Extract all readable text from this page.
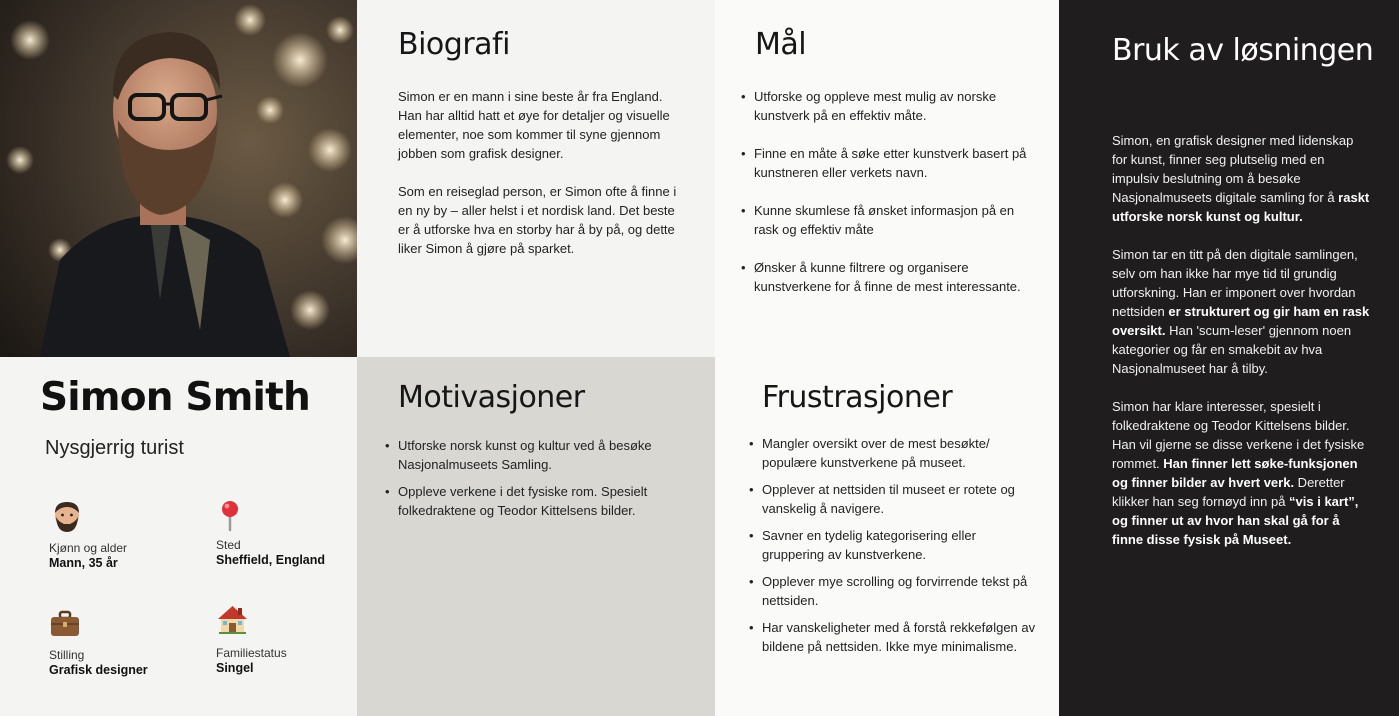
Biografi

Simon er en mann i sine beste år fra England. Han har alltid hatt et øye for detaljer og visuelle elementer, noe som kommer til syne gjennom jobben som grafisk designer.

Som en reiseglad person, er Simon ofte å finne i en ny by – aller helst i et nordisk land. Det beste er å utforske hva en storby har å by på, og dette liker Simon å gjøre på sparket.

Mål
• Utforske og oppleve mest mulig av norske kunstverk på en effektiv måte.
• Finne en måte å søke etter kunstverk basert på kunstneren eller verkets navn.
• Kunne skumlese få ønsket informasjon på en rask og effektiv måte
• Ønsker å kunne filtrere og organisere kunstverkene for å finne de mest interessante.
Bruk av løsningen

Simon, en grafisk designer med lidenskap for kunst, finner seg plutselig med en impulsiv beslutning om å besøke Nasjonalmuseets digitale samling for å raskt utforske norsk kunst og kultur.

Simon tar en titt på den digitale samlingen, selv om han ikke har mye tid til grundig utforskning. Han er imponert over hvordan nettsiden er strukturert og gir ham en rask oversikt. Han 'scum-leser' gjennom noen kategorier og får en smakebit av hva Nasjonalmuseet har å tilby.

Simon har klare interesser, spesielt i folkedraktene og Teodor Kittelsens bilder. Han vil gjerne se disse verkene i det fysiske rommet. Han finner lett søke-funksjonen og finner bilder av hvert verk. Deretter klikker han seg fornøyd inn på “vis i kart”, og finner ut av hvor han skal gå for å finne disse fysisk på Museet.

Simon Smith
Nysgjerrig turist
Kjønn og alder
Mann, 35 år
Sted
Sheffield, England
Stilling
Grafisk designer
Familiestatus
Singel
Motivasjoner
• Utforske norsk kunst og kultur ved å besøke Nasjonalmuseets Samling.
• Oppleve verkene i det fysiske rom. Spesielt folkedraktene og Teodor Kittelsens bilder.
Frustrasjoner
• Mangler oversikt over de mest besøkte/ populære kunstverkene på museet.
• Opplever at nettsiden til museet er rotete og vanskelig å navigere.
• Savner en tydelig kategorisering eller gruppering av kunstverkene.
• Opplever mye scrolling og forvirrende tekst på nettsiden.
• Har vanskeligheter med å forstå rekkefølgen av bildene på nettsiden. Ikke mye minimalisme.
